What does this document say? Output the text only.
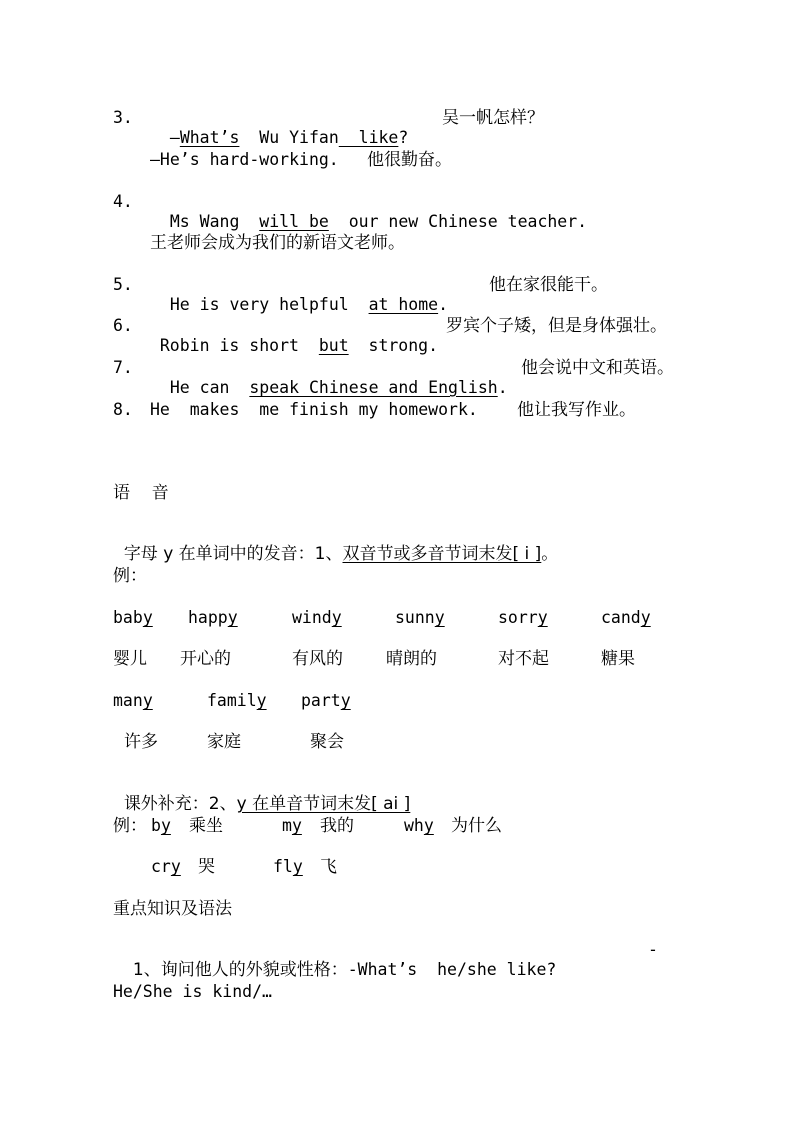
3.

—What’s  Wu Yifan  like?

吴一帆怎样？
—He’s hard-working. 他很勤奋。
4.

Ms Wang  will be  our new Chinese teacher.

王老师会成为我们的新语文老师。
5.

He is very helpful  at home.

他在家很能干。
6.

Robin is short  but  strong.

罗宾个子矮，但是身体强壮。
7.

He can  speak Chinese and English.

他会说中文和英语。
8. He  makes  me finish my homework. 他让我写作业。
语    音

字母 y 在单词中的发音：1、双音节或多音节词末发[ i ]。

例：
baby happy	windy	sunny	sorry	candy
婴儿 开心的	有风的	晴朗的	对不起	糖果
many	family party
许多	家庭	聚会

课外补充：2、y 在单音节词末发[ ai ]

例： by 乘坐	my 我的	why 为什么
cry 哭	fly 飞
重点知识及语法

1、询问他人的外貌或性格：-What’s  he/she like?

-
He/She is kind/…
